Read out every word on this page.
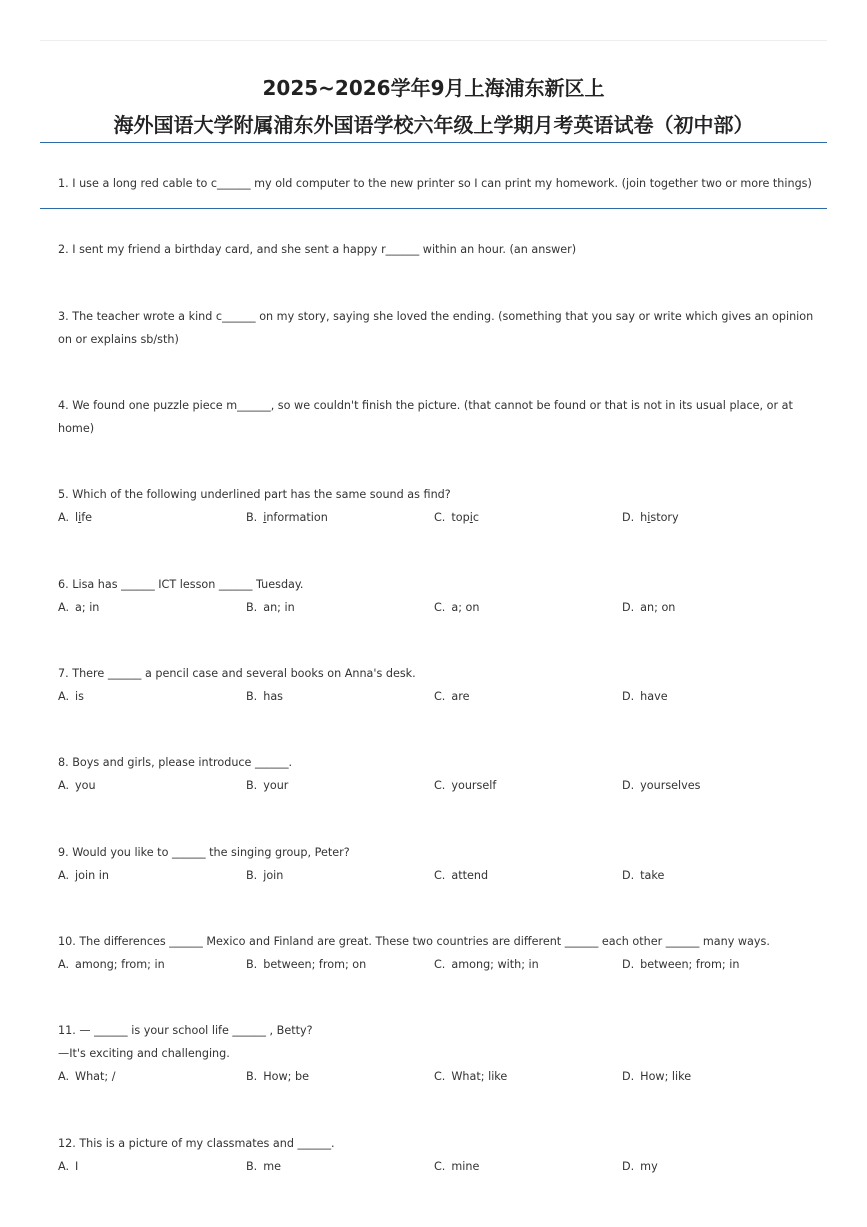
2025~2026学年9月上海浦东新区上
海外国语大学附属浦东外国语学校六年级上学期月考英语试卷（初中部）
1. I use a long red cable to c______ my old computer to the new printer so I can print my homework. (join together two or more things)
2. I sent my friend a birthday card, and she sent a happy r______ within an hour. (an answer)
3. The teacher wrote a kind c______ on my story, saying she loved the ending. (something that you say or write which gives an opinion on or explains sb/sth)
4. We found one puzzle piece m______, so we couldn't finish the picture. (that cannot be found or that is not in its usual place, or at home)
5. Which of the following underlined part has the same sound as fnd?
A. life	B. information	C. topic	D. history
6. Lisa has ______ ICT lesson ______ Tuesday.
A. a; in	B. an; in	C. a; on	D. an; on
7. There ______ a pencil case and several books on Anna's desk.
A. is	B. has	C. are	D. have
8. Boys and girls, please introduce ______.
A. you	B. your	C. yourself	D. yourselves
9. Would you like to ______ the singing group, Peter?
A. join in	B. join	C. attend	D. take
10. The differences ______ Mexico and Finland are great. These two countries are different ______ each other ______ many ways.
A. among; from; in	B. between; from; on	C. among; with; in	D. between; from; in
11. — ______ is your school life ______ , Betty?
—It's exciting and challenging.
A. What; /	B. How; be	C. What; like	D. How; like
12. This is a picture of my classmates and ______.
A. I	B. me	C. mine	D. my
